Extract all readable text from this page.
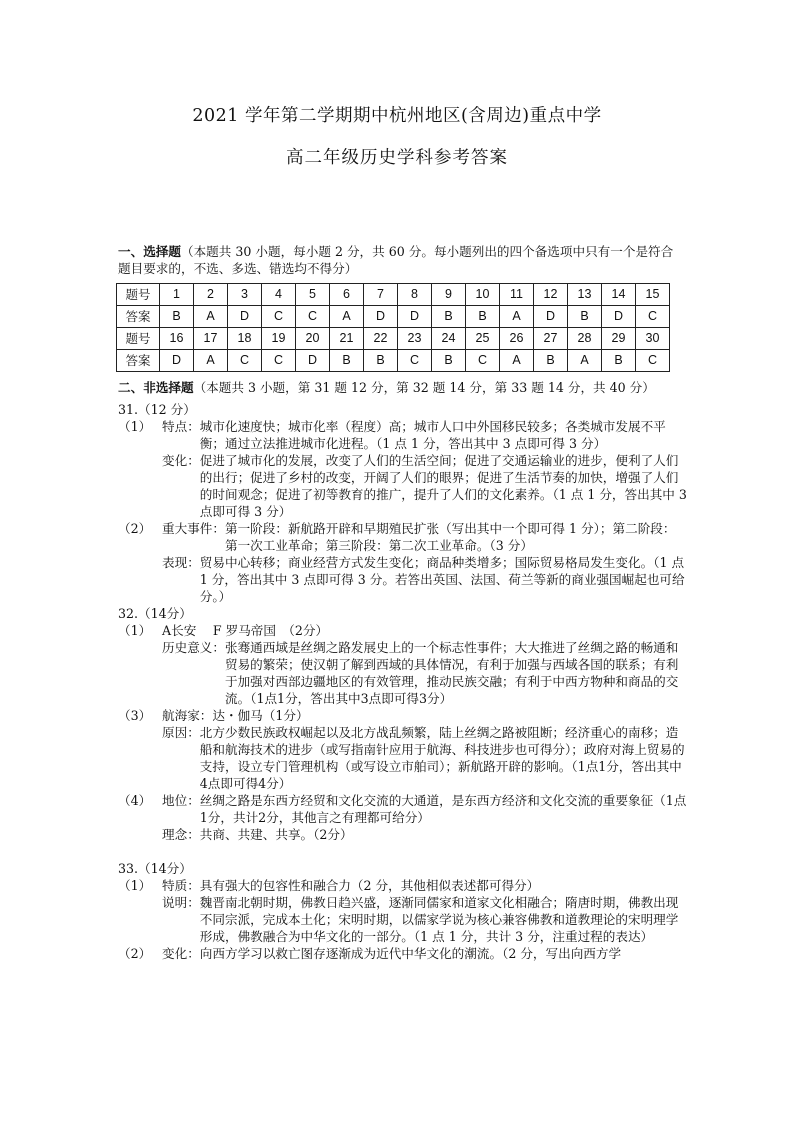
2021 学年第二学期期中杭州地区(含周边)重点中学
高二年级历史学科参考答案
一、选择题（本题共 30 小题，每小题 2 分，共 60 分。每小题列出的四个备选项中只有一个是符合题目要求的，不选、多选、错选均不得分）
题号	1	2	3	4	5	6	7	8	9	10	11	12	13	14	15
答案	B	A	D	C	C	A	D	D	B	B	A	D	B	D	C
题号	16	17	18	19	20	21	22	23	24	25	26	27	28	29	30
答案	D	A	C	C	D	B	B	C	B	C	A	B	A	B	C
二、非选择题（本题共 3 小题，第 31 题 12 分，第 32 题 14 分，第 33 题 14 分，共 40 分）
31.（12 分）
（1） 特点： 城市化速度快；城市化率（程度）高；城市人口中外国移民较多；各类城市发展不平衡；通过立法推进城市化进程。（1 点 1 分，答出其中 3 点即可得 3 分）
变化： 促进了城市化的发展，改变了人们的生活空间；促进了交通运输业的进步，便利了人们的出行；促进了乡村的改变，开阔了人们的眼界；促进了生活节奏的加快，增强了人们的时间观念；促进了初等教育的推广，提升了人们的文化素养。（1 点 1 分，答出其中 3 点即可得 3 分）
（2） 重大事件： 第一阶段：新航路开辟和早期殖民扩张（写出其中一个即可得 1 分）；第二阶段：第一次工业革命；第三阶段：第二次工业革命。（3 分）
表现： 贸易中心转移；商业经营方式发生变化；商品种类增多；国际贸易格局发生变化。（1 点 1 分，答出其中 3 点即可得 3 分。若答出英国、法国、荷兰等新的商业强国崛起也可给分。）
32.（14分）
（1） A长安　 F 罗马帝国　（2分）
历史意义： 张骞通西域是丝绸之路发展史上的一个标志性事件；大大推进了丝绸之路的畅通和贸易的繁荣；使汉朝了解到西域的具体情况，有利于加强与西域各国的联系；有利于加强对西部边疆地区的有效管理，推动民族交融；有利于中西方物种和商品的交流。（1点1分，答出其中3点即可得3分）
（3） 航海家：达・伽马（1分）
原因： 北方少数民族政权崛起以及北方战乱频繁，陆上丝绸之路被阻断；经济重心的南移；造船和航海技术的进步（或写指南针应用于航海、科技进步也可得分）；政府对海上贸易的支持，设立专门管理机构（或写设立市舶司）；新航路开辟的影响。（1点1分，答出其中4点即可得4分）
（4） 地位： 丝绸之路是东西方经贸和文化交流的大通道，是东西方经济和文化交流的重要象征（1点1分，共计2分，其他言之有理都可给分）
理念： 共商、共建、共享。（2分）
33.（14分）
（1） 特质： 具有强大的包容性和融合力（2 分，其他相似表述都可得分）
说明： 魏晋南北朝时期，佛教日趋兴盛，逐渐同儒家和道家文化相融合；隋唐时期，佛教出现不同宗派，完成本土化；宋明时期，以儒家学说为核心兼容佛教和道教理论的宋明理学形成，佛教融合为中华文化的一部分。（1 点 1 分，共计 3 分，注重过程的表达）
（2） 变化： 向西方学习以救亡图存逐渐成为近代中华文化的潮流。（2 分，写出向西方学
